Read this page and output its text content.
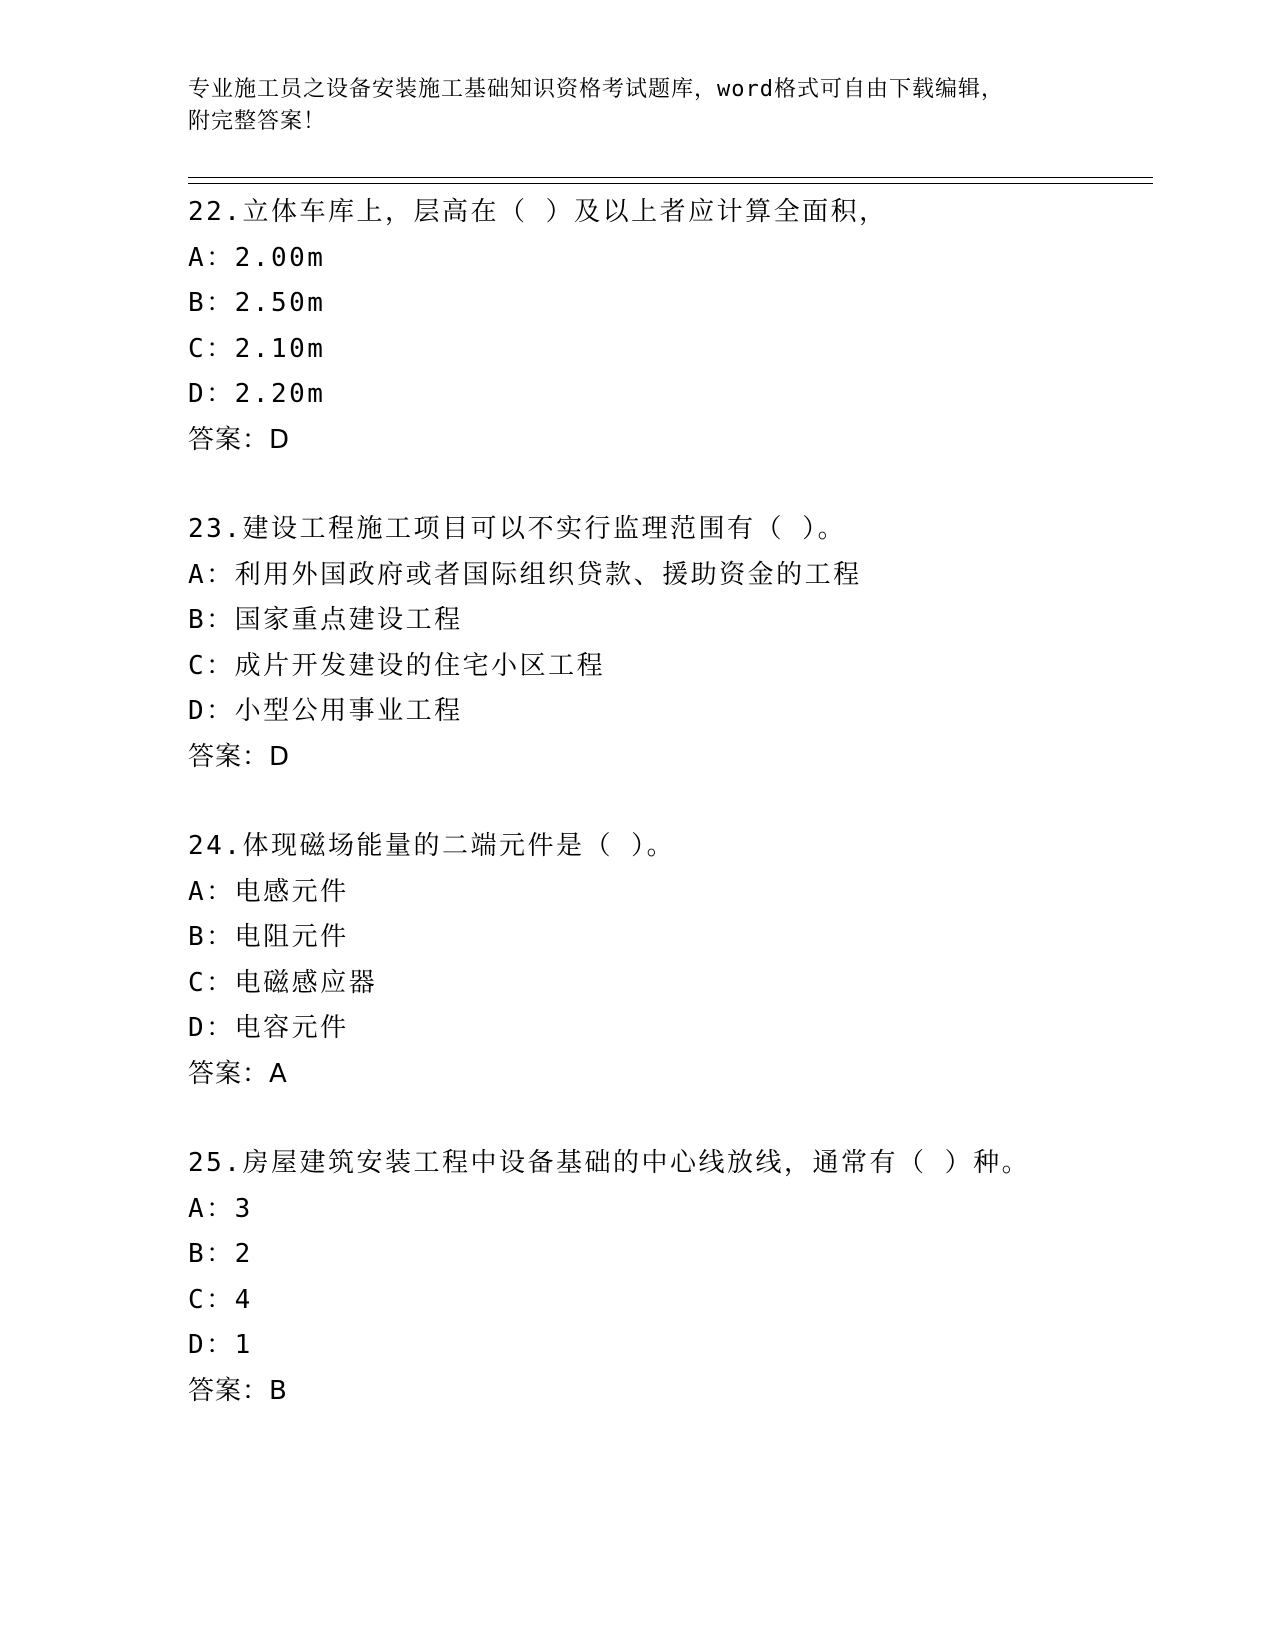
专业施工员之设备安装施工基础知识资格考试题库，word格式可自由下载编辑，
附完整答案！
22.立体车库上，层高在（ ）及以上者应计算全面积，
A：2.00m
B：2.50m
C：2.10m
D：2.20m
答案：D
23.建设工程施工项目可以不实行监理范围有（ ）。
A：利用外国政府或者国际组织贷款、援助资金的工程
B：国家重点建设工程
C：成片开发建设的住宅小区工程
D：小型公用事业工程
答案：D
24.体现磁场能量的二端元件是（ ）。
A：电感元件
B：电阻元件
C：电磁感应器
D：电容元件
答案：A
25.房屋建筑安装工程中设备基础的中心线放线，通常有（ ）种。
A：3
B：2
C：4
D：1
答案：B
